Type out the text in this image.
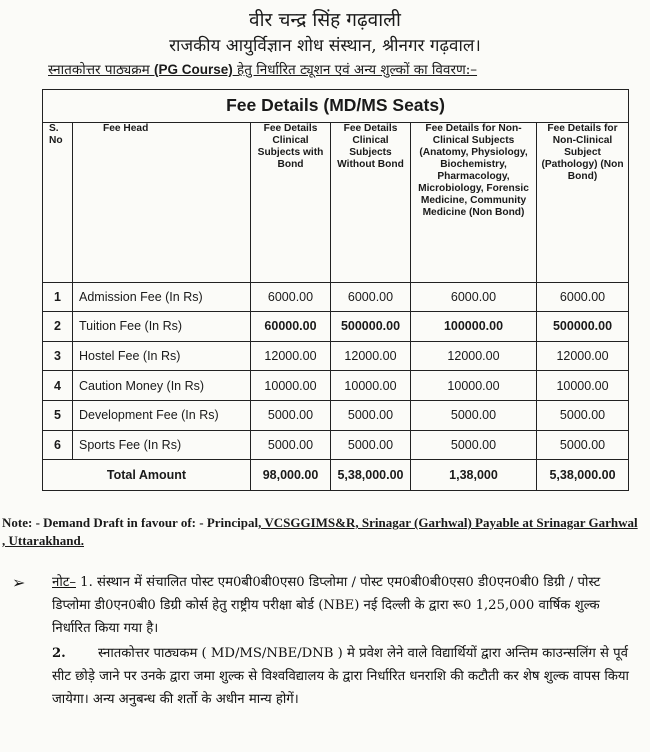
वीर चन्द्र सिंह गढ़वाली
राजकीय आयुर्विज्ञान शोध संस्थान, श्रीनगर गढ़वाल।
स्नातकोत्तर पाठ्यक्रम (PG Course) हेतु निर्धारित ट्यूशन एवं अन्य शुल्कों का विवरण:–
Fee Details (MD/MS Seats)					
S. No	Fee Head	Fee Details Clinical Subjects with Bond	Fee Details Clinical Subjects Without Bond	Fee Details for Non-Clinical Subjects (Anatomy, Physiology, Biochemistry, Pharmacology, Microbiology, Forensic Medicine, Community Medicine (Non Bond)	Fee Details for Non-Clinical Subject (Pathology) (Non Bond)
1	Admission Fee (In Rs)	6000.00	6000.00	6000.00	6000.00
2	Tuition Fee (In Rs)	60000.00	500000.00	100000.00	500000.00
3	Hostel Fee (In Rs)	12000.00	12000.00	12000.00	12000.00
4	Caution Money (In Rs)	10000.00	10000.00	10000.00	10000.00
5	Development Fee (In Rs)	5000.00	5000.00	5000.00	5000.00
6	Sports Fee (In Rs)	5000.00	5000.00	5000.00	5000.00
Total Amount		98,000.00	5,38,000.00	1,38,000	5,38,000.00
Note: - Demand Draft in favour of: - Principal, VCSGGIMS&R, Srinagar (Garhwal) Payable at Srinagar Garhwal , Uttarakhand.
➢ नोट– 1. संस्थान में संचालित पोस्ट एम0बी0बी0एस0 डिप्लोमा / पोस्ट एम0बी0बी0एस0 डी0एन0बी0 डिग्री / पोस्ट डिप्लोमा डी0एन0बी0 डिग्री कोर्स हेतु राष्ट्रीय परीक्षा बोर्ड (NBE) नई दिल्ली के द्वारा रू0 1,25,000 वार्षिक शुल्क निर्धारित किया गया है।
2. स्नातकोत्तर पाठ्यकम ( MD/MS/NBE/DNB ) मे प्रवेश लेने वाले विद्यार्थियों द्वारा अन्तिम काउन्सलिंग से पूर्व सीट छोड़े जाने पर उनके द्वारा जमा शुल्क से विश्वविद्यालय के द्वारा निर्धारित धनराशि की कटौती कर शेष शुल्क वापस किया जायेगा। अन्य अनुबन्ध की शर्तो के अधीन मान्य होगें।
